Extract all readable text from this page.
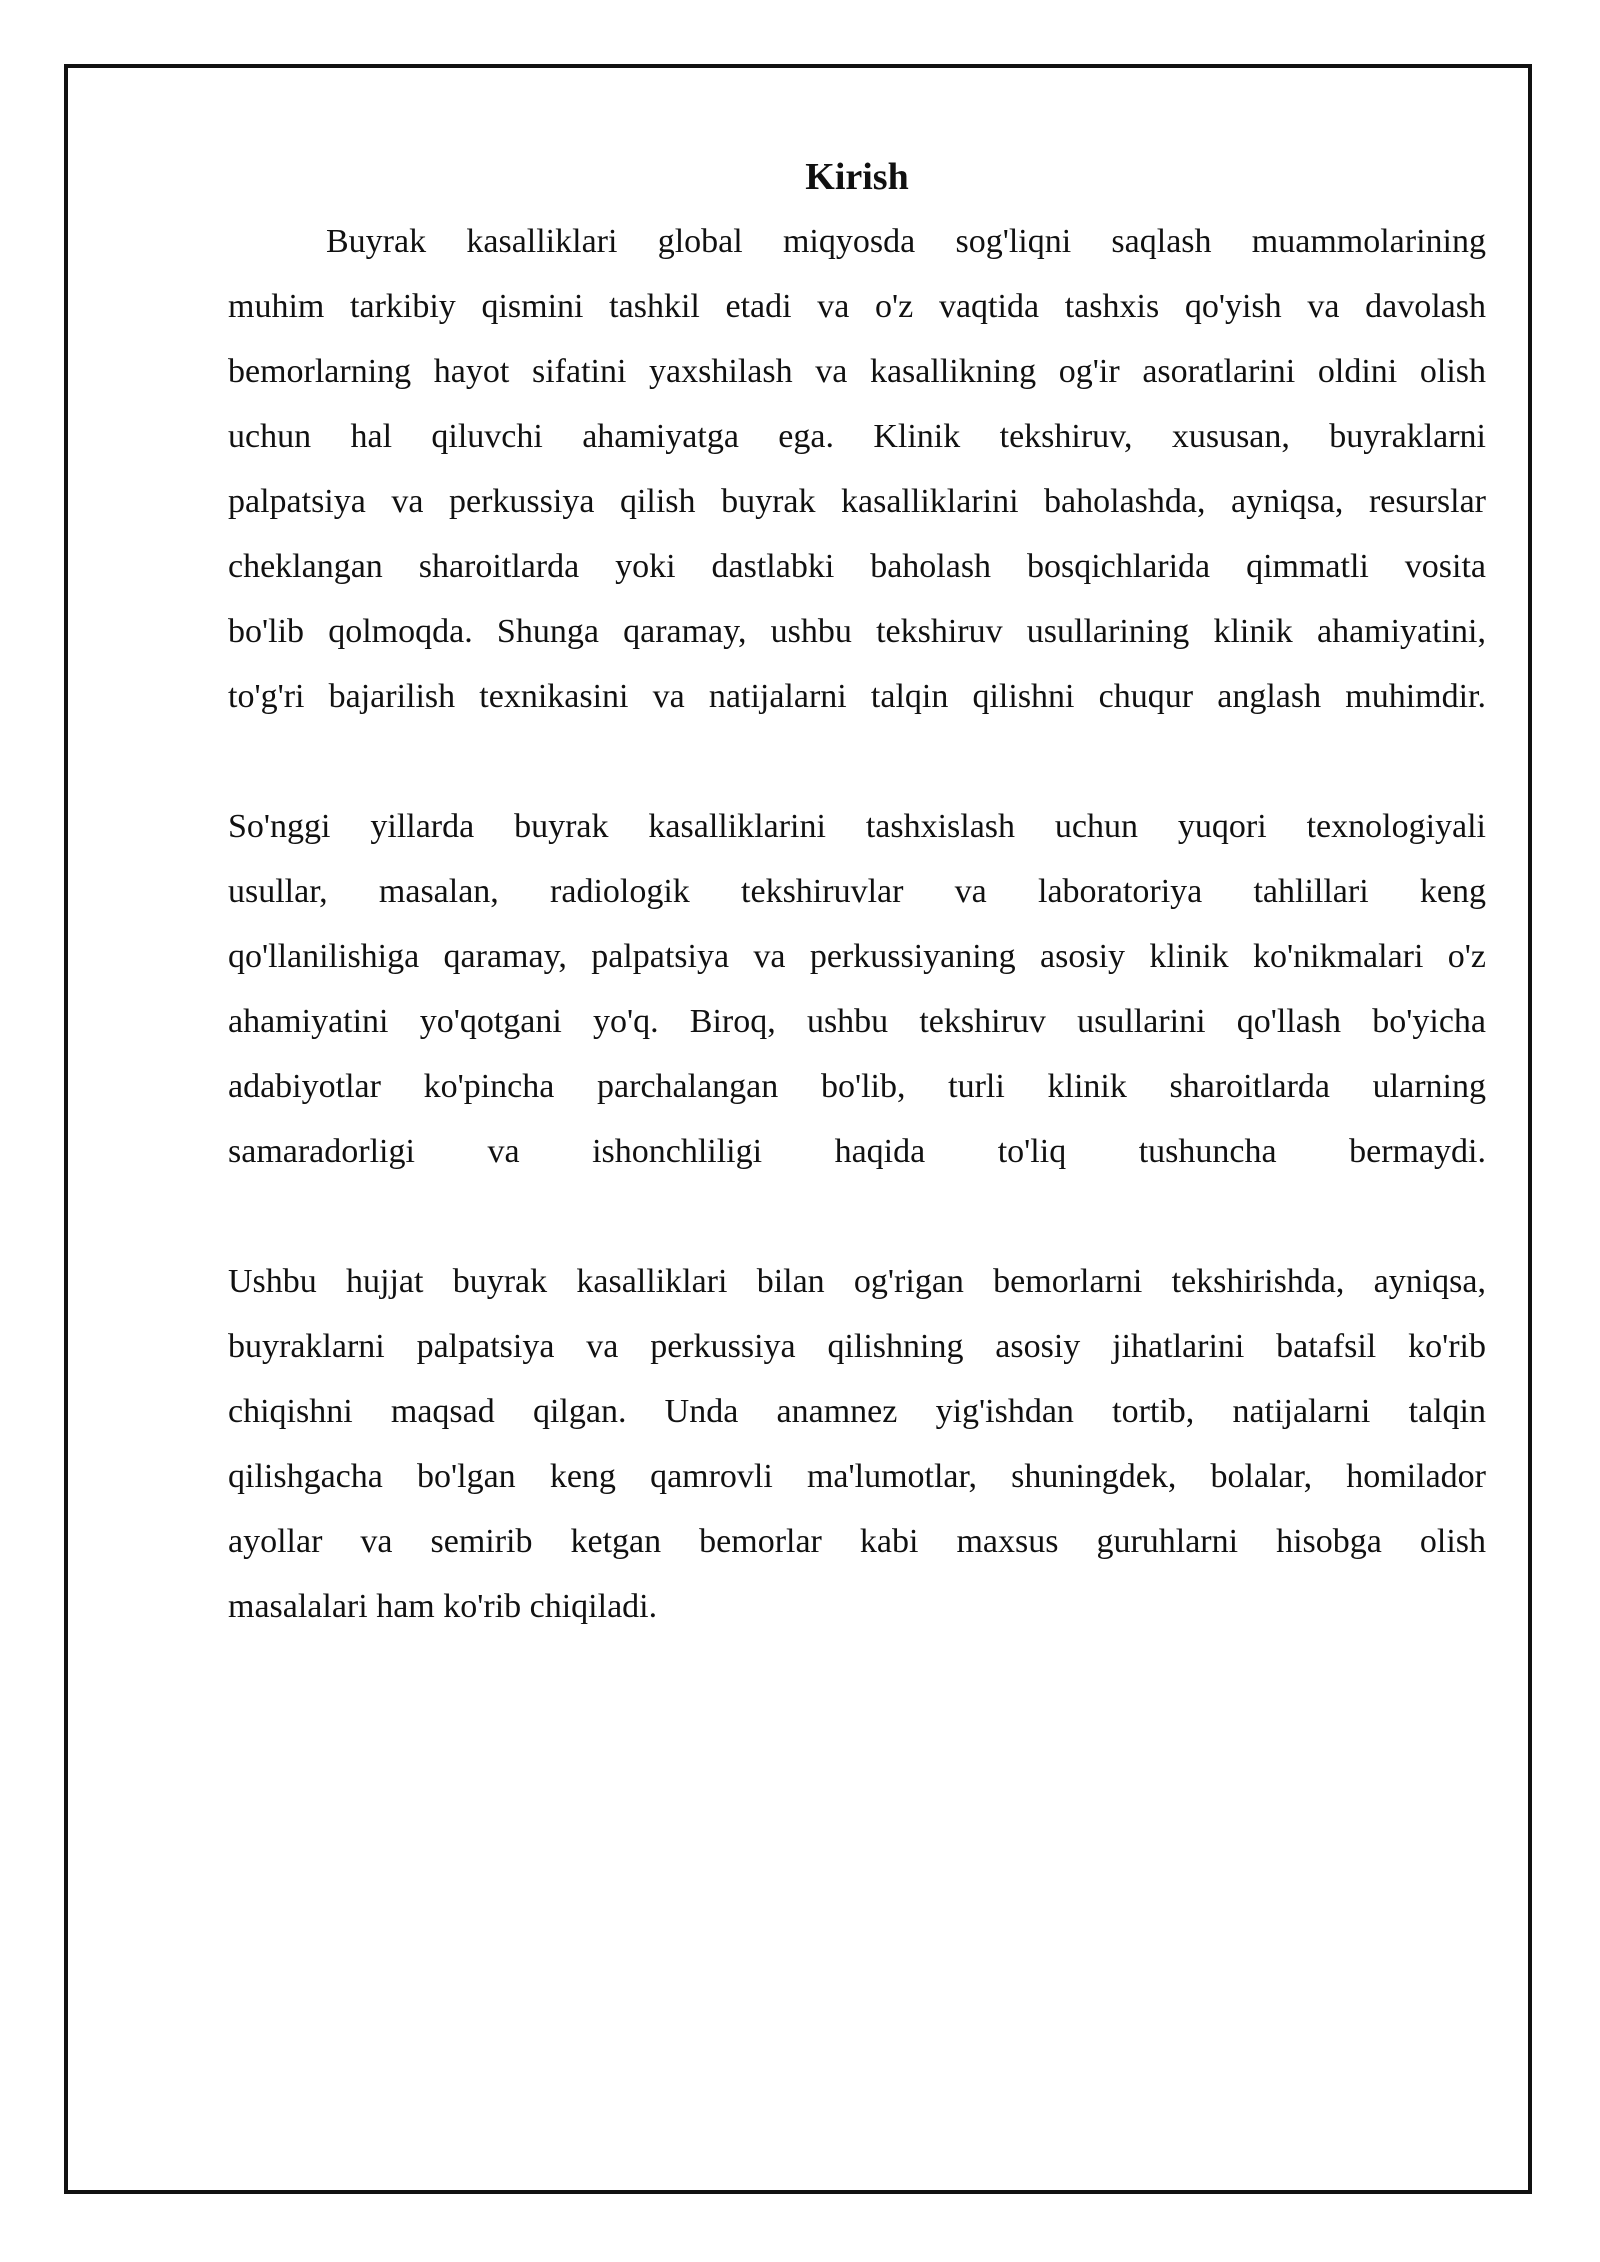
Kirish

Buyrak kasalliklari global miqyosda sog'liqni saqlash muammolarining

muhim tarkibiy qismini tashkil etadi va o'z vaqtida tashxis qo'yish va davolash

bemorlarning hayot sifatini yaxshilash va kasallikning og'ir asoratlarini oldini olish

uchun hal qiluvchi ahamiyatga ega. Klinik tekshiruv, xususan, buyraklarni

palpatsiya va perkussiya qilish buyrak kasalliklarini baholashda, ayniqsa, resurslar

cheklangan sharoitlarda yoki dastlabki baholash bosqichlarida qimmatli vosita

bo'lib qolmoqda. Shunga qaramay, ushbu tekshiruv usullarining klinik ahamiyatini,

to'g'ri bajarilish texnikasini va natijalarni talqin qilishni chuqur anglash muhimdir.

So'nggi yillarda buyrak kasalliklarini tashxislash uchun yuqori texnologiyali

usullar, masalan, radiologik tekshiruvlar va laboratoriya tahlillari keng

qo'llanilishiga qaramay, palpatsiya va perkussiyaning asosiy klinik ko'nikmalari o'z

ahamiyatini yo'qotgani yo'q. Biroq, ushbu tekshiruv usullarini qo'llash bo'yicha

adabiyotlar ko'pincha parchalangan bo'lib, turli klinik sharoitlarda ularning

samaradorligi va ishonchliligi haqida to'liq tushuncha bermaydi.

Ushbu hujjat buyrak kasalliklari bilan og'rigan bemorlarni tekshirishda, ayniqsa,

buyraklarni palpatsiya va perkussiya qilishning asosiy jihatlarini batafsil ko'rib

chiqishni maqsad qilgan. Unda anamnez yig'ishdan tortib, natijalarni talqin

qilishgacha bo'lgan keng qamrovli ma'lumotlar, shuningdek, bolalar, homilador

ayollar va semirib ketgan bemorlar kabi maxsus guruhlarni hisobga olish

masalalari ham ko'rib chiqiladi.
